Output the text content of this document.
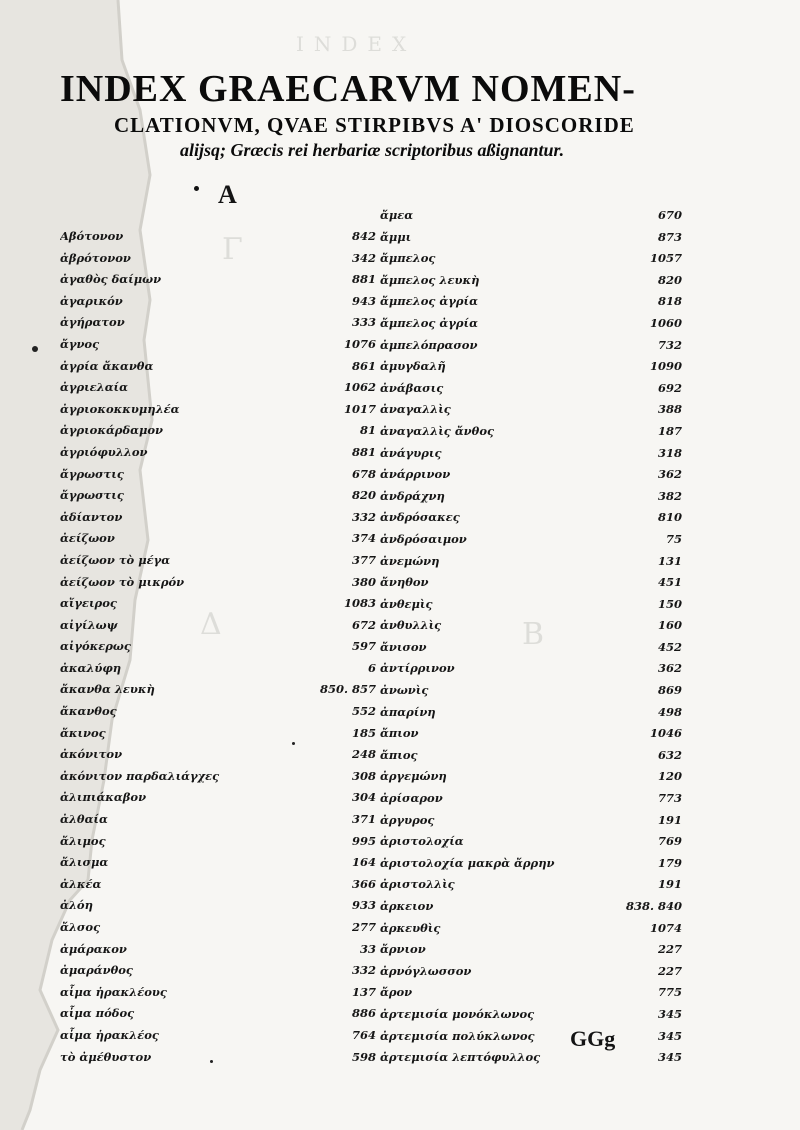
INDEX
Γ
Δ	B
INDEX GRAECARVM NOMEN-
CLATIONVM, QVAE STIRPIBVS A' DIOSCORIDE
alijsq; Græcis rei herbariæ scriptoribus aßignantur.
A
Αβότονον
ἀβρότονον
ἀγαθὸς δαίμων
ἀγαρικόν
ἀγήρατον
ἄγνος
ἀγρία ἄκανθα
ἀγριελαία
ἀγριοκοκκυμηλέα
ἀγριοκάρδαμον
ἀγριόφυλλον
ἄγρωστις
ἄγρωστις
ἀδίαντον
ἀείζωον
ἀείζωον τὸ μέγα
ἀείζωον τὸ μικρόν
αἴγειρος
αἰγίλωψ
αἰγόκερως
ἀκαλύφη
ἄκανθα λευκὴ
ἄκανθος
ἄκινος
ἀκόνιτον
ἀκόνιτον παρδαλιάγχες
ἀλιπιάκαβον
ἀλθαία
ἄλιμος
ἄλισμα
ἀλκέα
ἀλόη
ἄλσος
ἀμάρακον
ἀμαράνθος
αἷμα ἡρακλέους
αἷμα πόδος
αἷμα ἡρακλέος
τὸ ἀμέθυστον
842
342
881
943
333
1076
861
1062
1017
81
881
678
820
332
374
377
380
1083
672
597
6
850. 857
552
185
248
308
304
371
995
164
366
933
277
33
332
137
886
764
598
ἄμεα
ἄμμι
ἄμπελος
ἄμπελος λευκὴ
ἄμπελος ἀγρία
ἄμπελος ἀγρία
ἀμπελόπρασον
ἀμυγδαλῆ
ἀνάβασις
ἀναγαλλὶς
ἀναγαλλὶς ἄνθος
ἀνάγυρις
ἀνάρρινον
ἀνδράχνη
ἀνδρόσακες
ἀνδρόσαιμον
ἀνεμώνη
ἄνηθον
ἀνθεμὶς
ἀνθυλλὶς
ἄνισον
ἀντίρρινον
ἀνωνὶς
ἀπαρίνη
ἄπιον
ἄπιος
ἀργεμώνη
ἀρίσαρον
ἀργυρος
ἀριστολοχία
ἀριστολοχία μακρὰ ἄρρην
ἀριστολλὶς
ἀρκειον
ἀρκευθὶς
ἄρνιον
ἀρνόγλωσσον
ἄρον
ἀρτεμισία μονόκλωνος
ἀρτεμισία πολύκλωνος
ἀρτεμισία λεπτόφυλλος
670
873
1057
820
818
1060
732
1090
692
388
187
318
362
382
810
75
131
451
150
160
452
362
869
498
1046
632
120
773
191
769
179
191
838. 840
1074
227
227
775
345
345
345
GGg
